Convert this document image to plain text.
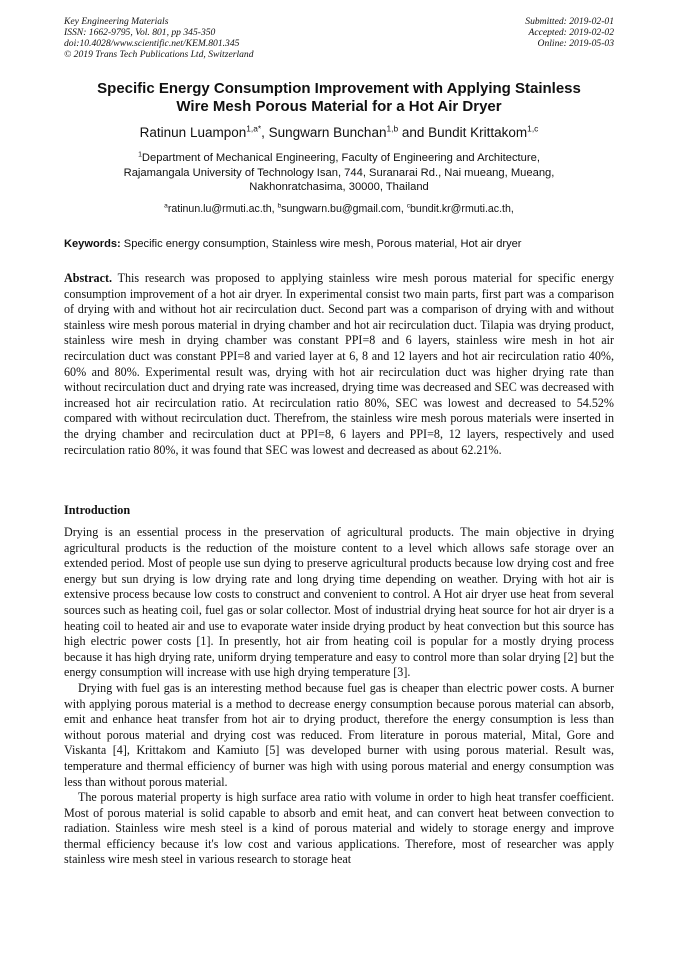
Key Engineering Materials
ISSN: 1662-9795, Vol. 801, pp 345-350
doi:10.4028/www.scientific.net/KEM.801.345
© 2019 Trans Tech Publications Ltd, Switzerland
Submitted: 2019-02-01
Accepted: 2019-02-02
Online: 2019-05-03
Specific Energy Consumption Improvement with Applying Stainless
Wire Mesh Porous Material for a Hot Air Dryer
Ratinun Luampon$^{1,a*}$, Sungwarn Bunchan$^{1,b}$ and Bundit Krittakom$^{1,c}$
$^1$Department of Mechanical Engineering, Faculty of Engineering and Architecture,
Rajamangala University of Technology Isan, 744, Suranarai Rd., Nai mueang, Mueang,
Nakhonratchasima, 30000, Thailand
$^a$ratinun.lu@rmuti.ac.th, $^b$sungwarn.bu@gmail.com, $^c$bundit.kr@rmuti.ac.th,
Keywords: Specific energy consumption, Stainless wire mesh, Porous material, Hot air dryer
Abstract. This research was proposed to applying stainless wire mesh porous material for specific energy consumption improvement of a hot air dryer. In experimental consist two main parts, first part was a comparison of drying with and without hot air recirculation duct. Second part was a comparison of drying with and without stainless wire mesh porous material in drying chamber and hot air recirculation duct. Tilapia was drying product, stainless wire mesh in drying chamber was constant PPI=8 and 6 layers, stainless wire mesh in hot air recirculation duct was constant PPI=8 and varied layer at 6, 8 and 12 layers and hot air recirculation ratio 40%, 60% and 80%. Experimental result was, drying with hot air recirculation duct was higher drying rate than without recirculation duct and drying rate was increased, drying time was decreased and SEC was decreased with increased hot air recirculation ratio. At recirculation ratio 80%, SEC was lowest and decreased to 54.52% compared with without recirculation duct. Therefrom, the stainless wire mesh porous materials were inserted in the drying chamber and recirculation duct at PPI=8, 6 layers and PPI=8, 12 layers, respectively and used recirculation ratio 80%, it was found that SEC was lowest and decreased as about 62.21%.
Introduction

Drying is an essential process in the preservation of agricultural products. The main objective in drying agricultural products is the reduction of the moisture content to a level which allows safe storage over an extended period. Most of people use sun dying to preserve agricultural products because low drying cost and free energy but sun drying is low drying rate and long drying time depending on weather. Drying with hot air is extensive process because low costs to construct and convenient to control. A Hot air dryer use heat from several sources such as heating coil, fuel gas or solar collector. Most of industrial drying heat source for hot air dryer is a heating coil to heated air and use to evaporate water inside drying product by heat convection but this source has high electric power costs [1]. In presently, hot air from heating coil is popular for a mostly drying process because it has high drying rate, uniform drying temperature and easy to control more than solar drying [2] but the energy consumption will increase with use high drying temperature [3].

Drying with fuel gas is an interesting method because fuel gas is cheaper than electric power costs. A burner with applying porous material is a method to decrease energy consumption because porous material can absorb, emit and enhance heat transfer from hot air to drying product, therefore the energy consumption is less than without porous material and drying cost was reduced. From literature in porous material, Mital, Gore and Viskanta [4], Krittakom and Kamiuto [5] was developed burner with using porous material. Result was, temperature and thermal efficiency of burner was high with using porous material and energy consumption was less than without porous material.

The porous material property is high surface area ratio with volume in order to high heat transfer coefficient. Most of porous material is solid capable to absorb and emit heat, and can convert heat between convection to radiation. Stainless wire mesh steel is a kind of porous material and widely to storage energy and improve thermal efficiency because it's low cost and various applications. Therefore, most of researcher was apply stainless wire mesh steel in various research to storage heat
